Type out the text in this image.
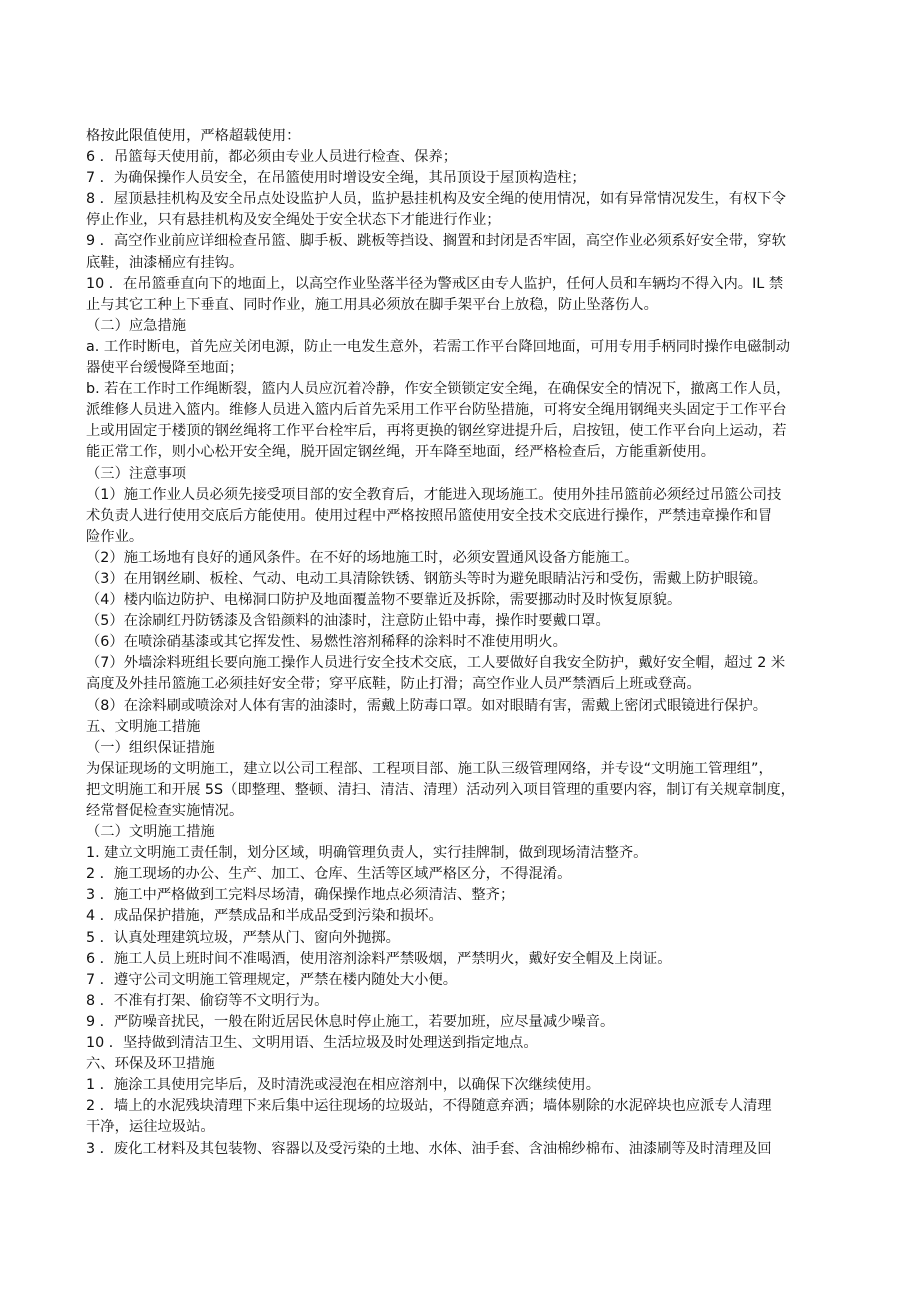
格按此限值使用，严格超载使用：
6 ．吊篮每天使用前，都必须由专业人员进行检查、保养；
7 ．为确保操作人员安全，在吊篮使用时增设安全绳，其吊顶设于屋顶构造柱；
8 ．屋顶悬挂机构及安全吊点处设监护人员，监护悬挂机构及安全绳的使用情况，如有异常情况发生，有权下令
停止作业，只有悬挂机构及安全绳处于安全状态下才能进行作业；
9 ．高空作业前应详细检查吊篮、脚手板、跳板等挡设、搁置和封闭是否牢固，高空作业必须系好安全带，穿软
底鞋，油漆桶应有挂钩。
10 ．在吊篮垂直向下的地面上，以高空作业坠落半径为警戒区由专人监护，任何人员和车辆均不得入内。IL 禁
止与其它工种上下垂直、同时作业，施工用具必须放在脚手架平台上放稳，防止坠落伤人。
（二）应急措施
a. 工作时断电，首先应关闭电源，防止一电发生意外，若需工作平台降回地面，可用专用手柄同时操作电磁制动
器使平台缓慢降至地面；
b. 若在工作时工作绳断裂，篮内人员应沉着冷静，作安全锁锁定安全绳，在确保安全的情况下，撤离工作人员，
派维修人员进入篮内。维修人员进入篮内后首先采用工作平台防坠措施，可将安全绳用钢绳夹头固定于工作平台
上或用固定于楼顶的钢丝绳将工作平台栓牢后，再将更换的钢丝穿进提升后，启按钮，使工作平台向上运动，若
能正常工作，则小心松开安全绳，脱开固定钢丝绳，开车降至地面，经严格检查后，方能重新使用。
（三）注意事项
（1）施工作业人员必须先接受项目部的安全教育后，才能进入现场施工。使用外挂吊篮前必须经过吊篮公司技
术负责人进行使用交底后方能使用。使用过程中严格按照吊篮使用安全技术交底进行操作，严禁违章操作和冒
险作业。
（2）施工场地有良好的通风条件。在不好的场地施工时，必须安置通风设备方能施工。
（3）在用钢丝刷、板栓、气动、电动工具清除铁锈、钢筋头等时为避免眼睛沾污和受伤，需戴上防护眼镜。
（4）楼内临边防护、电梯洞口防护及地面覆盖物不要靠近及拆除，需要挪动时及时恢复原貌。
（5）在涂刷红丹防锈漆及含铅颜料的油漆时，注意防止铅中毒，操作时要戴口罩。
（6）在喷涂硝基漆或其它挥发性、易燃性溶剂稀释的涂料时不准使用明火。
（7）外墙涂料班组长要向施工操作人员进行安全技术交底，工人要做好自我安全防护，戴好安全帽，超过 2 米
高度及外挂吊篮施工必须挂好安全带；穿平底鞋，防止打滑；高空作业人员严禁酒后上班或登高。
（8）在涂料刷或喷涂对人体有害的油漆时，需戴上防毒口罩。如对眼睛有害，需戴上密闭式眼镜进行保护。
五、文明施工措施
（一）组织保证措施
为保证现场的文明施工，建立以公司工程部、工程项目部、施工队三级管理网络，并专设“文明施工管理组”，
把文明施工和开展 5S（即整理、整顿、清扫、清洁、清理）活动列入项目管理的重要内容，制订有关规章制度，
经常督促检查实施情况。
（二）文明施工措施
1. 建立文明施工责任制，划分区域，明确管理负责人，实行挂牌制，做到现场清洁整齐。
2 ．施工现场的办公、生产、加工、仓库、生活等区域严格区分，不得混淆。
3 ．施工中严格做到工完料尽场清，确保操作地点必须清洁、整齐；
4 ．成品保护措施，严禁成品和半成品受到污染和损坏。
5 ．认真处理建筑垃圾，严禁从门、窗向外抛掷。
6 ．施工人员上班时间不准喝酒，使用溶剂涂料严禁吸烟，严禁明火，戴好安全帽及上岗证。
7 ．遵守公司文明施工管理规定，严禁在楼内随处大小便。
8 ．不准有打架、偷窃等不文明行为。
9 ．严防噪音扰民，一般在附近居民休息时停止施工，若要加班，应尽量减少噪音。
10 ．坚持做到清洁卫生、文明用语、生活垃圾及时处理送到指定地点。
六、环保及环卫措施
1 ．施涂工具使用完毕后，及时清洗或浸泡在相应溶剂中，以确保下次继续使用。
2 ．墙上的水泥残块清理下来后集中运往现场的垃圾站，不得随意弃洒；墙体剔除的水泥碎块也应派专人清理
干净，运往垃圾站。
3 ．废化工材料及其包装物、容器以及受污染的土地、水体、油手套、含油棉纱棉布、油漆刷等及时清理及回
